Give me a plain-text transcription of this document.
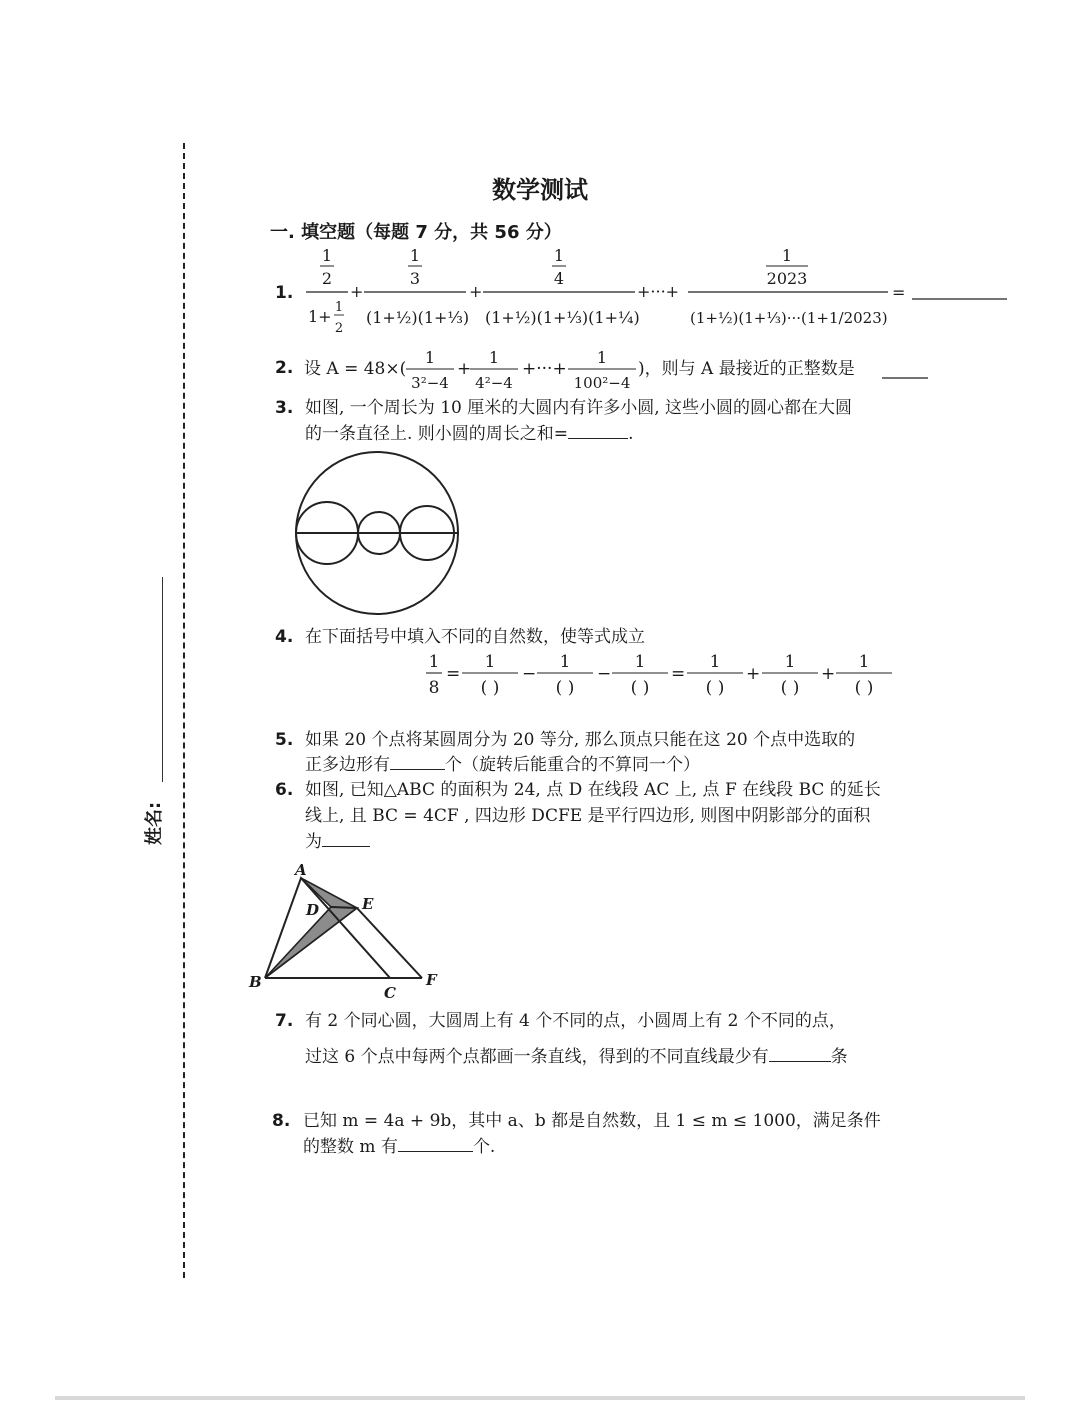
姓名:
数学测试
一. 填空题（每题 7 分，共 56 分）
1.
1
2
1+ 1
2
+
1
3
(1+½)(1+⅓)
+
1
4
(1+½)(1+⅓)(1+¼)
+···+
1
2023
(1+½)(1+⅓)···(1+1/2023)
=
2. 设 A = 48×(
1
3²−4
+
1
4²−4
+···+
1
100²−4
)，则与 A 最接近的正整数是
3. 如图, 一个周长为 10 厘米的大圆内有许多小圆, 这些小圆的圆心都在大圆
的一条直径上. 则小圆的周长之和=	.
4. 在下面括号中填入不同的自然数，使等式成立
1
8
=
1
( )
−
1
( )
−
1
( )
=
1
( )
+
1
( )
+
1
( )
5. 如果 20 个点将某圆周分为 20 等分, 那么顶点只能在这 20 个点中选取的
正多边形有	个（旋转后能重合的不算同一个）
6. 如图, 已知△ABC 的面积为 24, 点 D 在线段 AC 上, 点 F 在线段 BC 的延长
线上, 且 BC = 4CF , 四边形 DCFE 是平行四边形, 则图中阴影部分的面积
为
A
B
C
D	E
F
7. 有 2 个同心圆，大圆周上有 4 个不同的点，小圆周上有 2 个不同的点，
过这 6 个点中每两个点都画一条直线，得到的不同直线最少有	条
8. 已知 m = 4a + 9b，其中 a、b 都是自然数，且 1 ≤ m ≤ 1000，满足条件
的整数 m 有	个.
